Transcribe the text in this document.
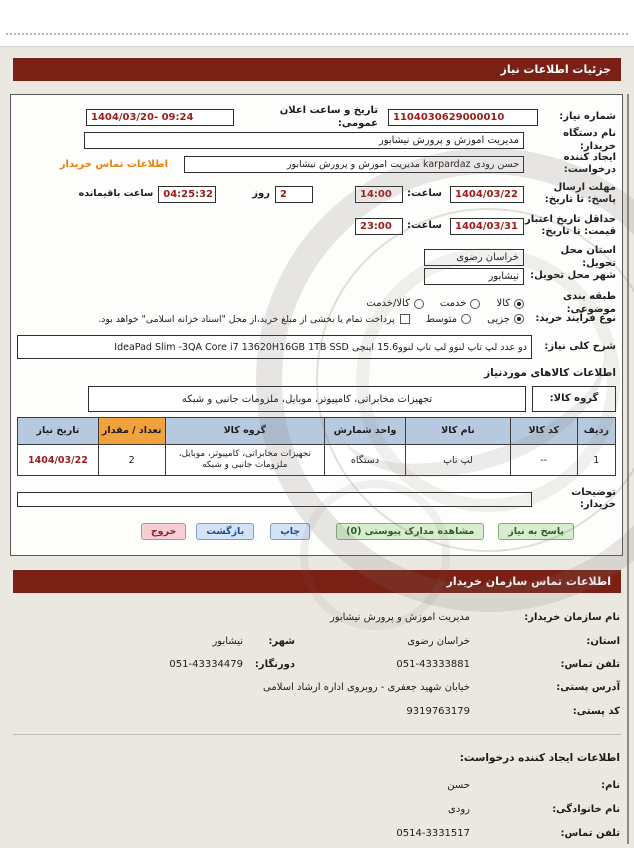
جزئیات اطلاعات نیاز
شماره نیاز:
1104030629000010
تاریخ و ساعت اعلان عمومی:
1404/03/20- 09:24
نام دستگاه خریدار:
مدیریت اموزش و پرورش نیشابور
ایجاد کننده درخواست:
حسن رودی karpardaz مدیریت اموزش و پرورش نیشابور
اطلاعات تماس خریدار
مهلت ارسال پاسخ: تا تاریخ:
1404/03/22
ساعت:
14:00
2
روز
04:25:32
ساعت باقیمانده
حداقل تاریخ اعتبار قیمت: تا تاریخ:
1404/03/31
ساعت:
23:00
استان محل تحویل:
خراسان رضوی
شهر محل تحویل:
نیشابور
طبقه بندی موضوعی:
کالا
خدمت
کالا/خدمت
نوع فرآیند خرید:
جزیی
متوسط
پرداخت تمام یا بخشی از مبلغ خرید،از محل "اسناد خزانه اسلامی" خواهد بود.
شرح کلی نیاز:
دو عدد لپ تاپ لنوو لپ تاپ لنوو15.6 اینچی IdeaPad Slim -3QA Core i7 13620H16GB 1TB SSD
اطلاعات کالاهای موردنیاز
گروه کالا:
تجهیزات مخابراتی، کامپیوتر، موبایل، ملزومات جانبی و شبکه
ردیف	کد کالا	نام کالا	واحد شمارش	گروه کالا	تعداد / مقدار	تاریخ نیاز
1	--	لپ تاپ	دستگاه	تجهیزات مخابراتی، کامپیوتر، موبایل، ملزومات جانبی و شبکه	2	1404/03/22
توضیحات خریدار:
پاسخ به نیاز
مشاهده مدارک پیوستی (0)
چاپ
بازگشت
خروج
اطلاعات تماس سازمان خریدار
نام سازمان خریدار:
مدیریت اموزش و پرورش نیشابور
استان:
خراسان رضوی
شهر:
نیشابور
تلفن تماس:
051-43333881
دورنگار:
051-43334479
آدرس پستی:
خیابان شهید جعفری - روبروی اداره ارشاد اسلامی
کد پستی:
9319763179
اطلاعات ایجاد کننده درخواست:
نام:
حسن
نام خانوادگی:
رودی
تلفن تماس:
0514-3331517
